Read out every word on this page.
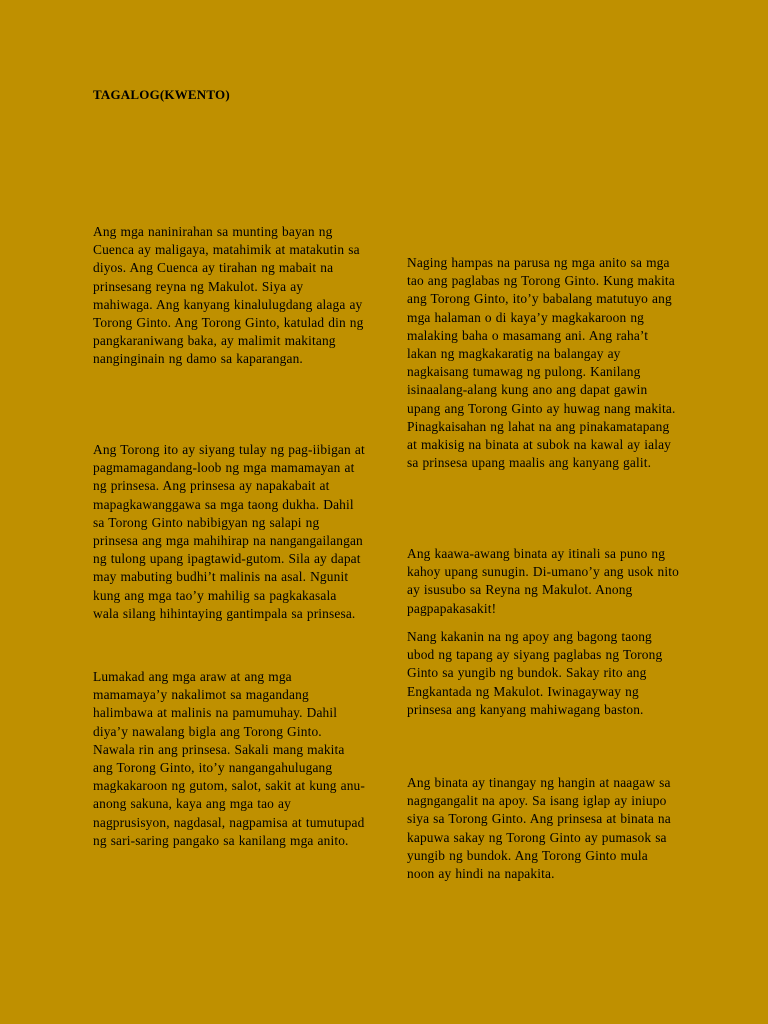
TAGALOG(KWENTO)

Ang mga naninirahan sa munting bayan ng Cuenca ay maligaya, matahimik at matakutin sa diyos. Ang Cuenca ay tirahan ng mabait na prinsesang reyna ng Makulot. Siya ay mahiwaga. Ang kanyang kinalulugdang alaga ay Torong Ginto. Ang Torong Ginto, katulad din ng pangkaraniwang baka, ay malimit makitang nanginginain ng damo sa kaparangan.

Ang Torong ito ay siyang tulay ng pag-iibigan at pagmamagandang-loob ng mga mamamayan at ng prinsesa. Ang prinsesa ay napakabait at mapagkawanggawa sa mga taong dukha. Dahil sa Torong Ginto nabibigyan ng salapi ng prinsesa ang mga mahihirap na nangangailangan ng tulong upang ipagtawid-gutom. Sila ay dapat may mabuting budhi’t malinis na asal. Ngunit kung ang mga tao’y mahilig sa pagkakasala wala silang hihintaying gantimpala sa prinsesa.

Lumakad ang mga araw at ang mga mamamaya’y nakalimot sa magandang halimbawa at malinis na pamumuhay. Dahil diya’y nawalang bigla ang Torong Ginto. Nawala rin ang prinsesa. Sakali mang makita ang Torong Ginto, ito’y nangangahulugang magkakaroon ng gutom, salot, sakit at kung anu-anong sakuna, kaya ang mga tao ay nagprusisyon, nagdasal, nagpamisa at tumutupad ng sari-saring pangako sa kanilang mga anito.

Naging hampas na parusa ng mga anito sa mga tao ang paglabas ng Torong Ginto. Kung makita ang Torong Ginto, ito’y babalang matutuyo ang mga halaman o di kaya’y magkakaroon ng malaking baha o masamang ani. Ang raha’t lakan ng magkakaratig na balangay ay nagkaisang tumawag ng pulong. Kanilang isinaalang-alang kung ano ang dapat gawin upang ang Torong Ginto ay huwag nang makita. Pinagkaisahan ng lahat na ang pinakamatapang at makisig na binata at subok na kawal ay ialay sa prinsesa upang maalis ang kanyang galit.

Ang kaawa-awang binata ay itinali sa puno ng kahoy upang sunugin. Di-umano’y ang usok nito ay isusubo sa Reyna ng Makulot. Anong pagpapakasakit!

Nang kakanin na ng apoy ang bagong taong ubod ng tapang ay siyang paglabas ng Torong Ginto sa yungib ng bundok. Sakay rito ang Engkantada ng Makulot. Iwinagayway ng prinsesa ang kanyang mahiwagang baston.

Ang binata ay tinangay ng hangin at naagaw sa nagngangalit na apoy. Sa isang iglap ay iniupo siya sa Torong Ginto. Ang prinsesa at binata na kapuwa sakay ng Torong Ginto ay pumasok sa yungib ng bundok. Ang Torong Ginto mula noon ay hindi na napakita.
